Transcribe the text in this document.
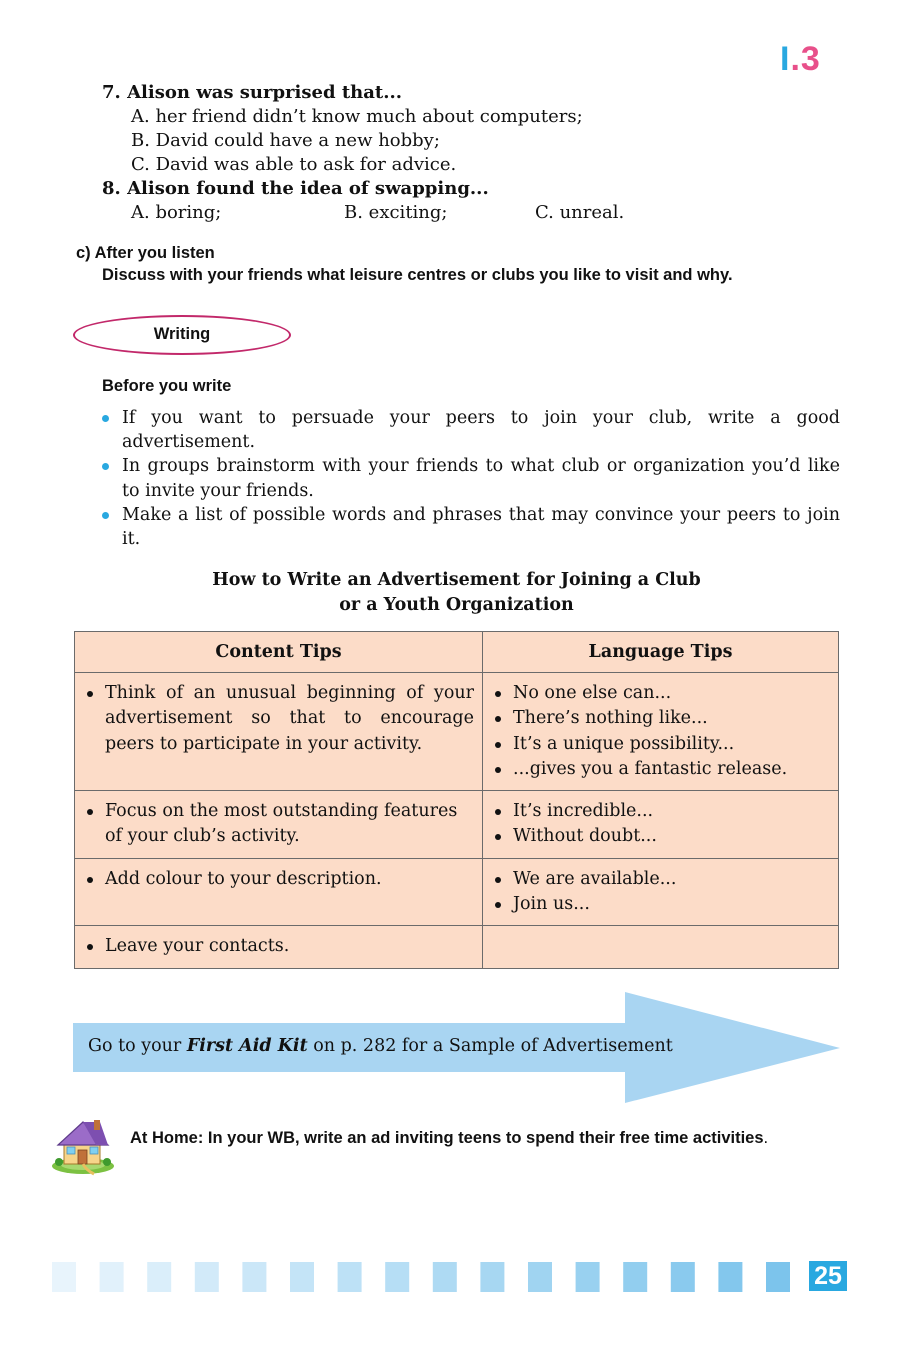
I.3
7. Alison was surprised that...
A. her friend didn’t know much about computers;
B. David could have a new hobby;
C. David was able to ask for advice.
8. Alison found the idea of swapping...
A. boring;	B. exciting;	C. unreal.
c) After you listen
Discuss with your friends what leisure centres or clubs you like to visit and why.
Writing
Before you write
If you want to persuade your peers to join your club, write a good advertisement.
In groups brainstorm with your friends to what club or organization you’d like to invite your friends.
Make a list of possible words and phrases that may convince your peers to join it.
How to Write an Advertisement for Joining a Club
or a Youth Organization
Content Tips	Language Tips

Think of an unusual beginning of your advertisement so that to encourage peers to participate in your activity.	No one else can...
There’s nothing like...
It’s a unique possibility...
...gives you a fantastic release.

Focus on the most outstanding features of your club’s activity.	It’s incredible...
Without doubt...

Add colour to your description.	We are available...
Join us...

Leave your contacts.	

Go to your First Aid Kit on p. 282 for a Sample of Advertisement
At Home: In your WB, write an ad inviting teens to spend their free time activities.
25
